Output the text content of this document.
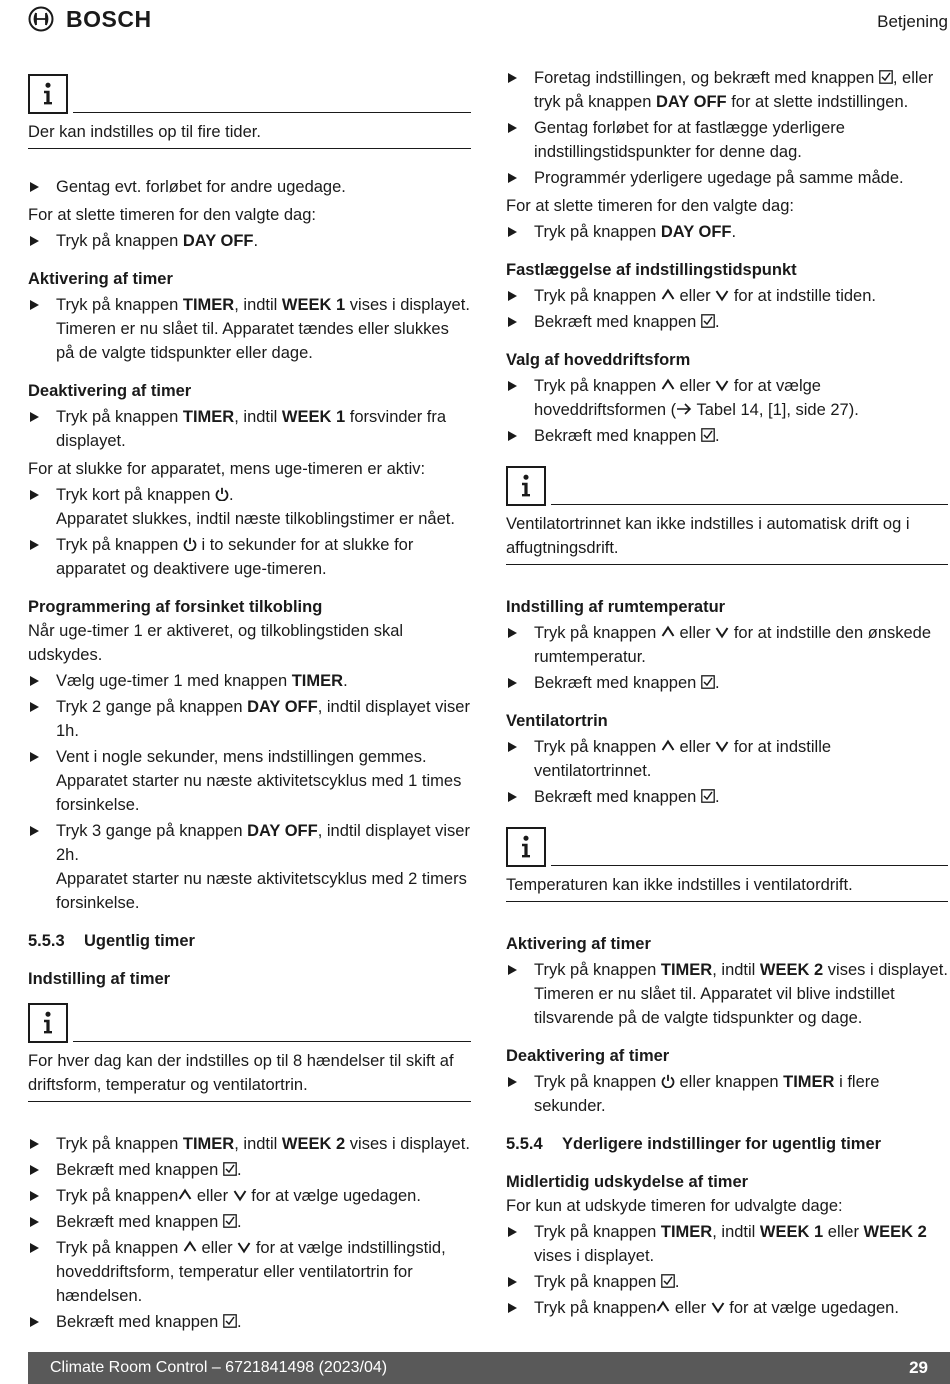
BOSCH	Betjening
Der kan indstilles op til fire tider.
Gentag evt. forløbet for andre ugedage.
For at slette timeren for den valgte dag:
Tryk på knappen DAY OFF.
Aktivering af timer
Tryk på knappen TIMER, indtil WEEK 1 vises i displayet.
Timeren er nu slået til. Apparatet tændes eller slukkes på de valgte tidspunkter eller dage.
Deaktivering af timer
Tryk på knappen TIMER, indtil WEEK 1 forsvinder fra displayet.
For at slukke for apparatet, mens uge-timeren er aktiv:
Tryk kort på knappen
.
Apparatet slukkes, indtil næste tilkoblingstimer er nået.
Tryk på knappen
i to sekunder for at slukke for apparatet og deaktivere uge-timeren.
Programmering af forsinket tilkobling
Når uge-timer 1 er aktiveret, og tilkoblingstiden skal udskydes.
Vælg uge-timer 1 med knappen TIMER.
Tryk 2 gange på knappen DAY OFF, indtil displayet viser 1h.
Vent i nogle sekunder, mens indstillingen gemmes.
Apparatet starter nu næste aktivitetscyklus med 1 times forsinkelse.
Tryk 3 gange på knappen DAY OFF, indtil displayet viser 2h.
Apparatet starter nu næste aktivitetscyklus med 2 timers forsinkelse.
5.5.3 Ugentlig timer
Indstilling af timer
For hver dag kan der indstilles op til 8 hændelser til skift af driftsform, temperatur og ventilatortrin.
Tryk på knappen TIMER, indtil WEEK 2 vises i displayet.
Bekræft med knappen
.
Tryk på knappen
eller
for at vælge ugedagen.
Bekræft med knappen
.
Tryk på knappen
eller
for at vælge indstillingstid, hoveddriftsform, temperatur eller ventilatortrin for hændelsen.
Bekræft med knappen
.
Foretag indstillingen, og bekræft med knappen
, eller tryk på knappen DAY OFF for at slette indstillingen.
Gentag forløbet for at fastlægge yderligere indstillingstidspunkter for denne dag.
Programmér yderligere ugedage på samme måde.
For at slette timeren for den valgte dag:
Tryk på knappen DAY OFF.
Fastlæggelse af indstillingstidspunkt
Tryk på knappen
eller
for at indstille tiden.
Bekræft med knappen
.
Valg af hoveddriftsform
Tryk på knappen
eller
for at vælge hoveddriftsformen (
Tabel 14, [1], side 27).
Bekræft med knappen
.
Ventilatortrinnet kan ikke indstilles i automatisk drift og i affugtningsdrift.
Indstilling af rumtemperatur
Tryk på knappen
eller
for at indstille den ønskede rumtemperatur.
Bekræft med knappen
.
Ventilatortrin
Tryk på knappen
eller
for at indstille ventilatortrinnet.
Bekræft med knappen
.
Temperaturen kan ikke indstilles i ventilatordrift.
Aktivering af timer
Tryk på knappen TIMER, indtil WEEK 2 vises i displayet. Timeren er nu slået til. Apparatet vil blive indstillet tilsvarende på de valgte tidspunkter og dage.
Deaktivering af timer
Tryk på knappen
eller knappen TIMER i flere sekunder.
5.5.4 Yderligere indstillinger for ugentlig timer
Midlertidig udskydelse af timer
For kun at udskyde timeren for udvalgte dage:
Tryk på knappen TIMER, indtil WEEK 1 eller WEEK 2 vises i displayet.
Tryk på knappen
.
Tryk på knappen
eller
for at vælge ugedagen.
Climate Room Control – 6721841498 (2023/04)	29
